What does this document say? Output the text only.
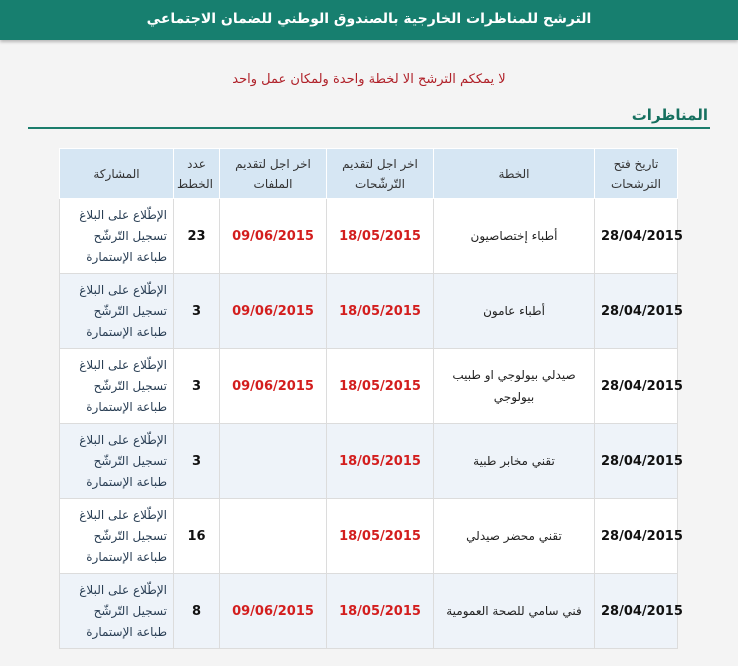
الترشح للمناظرات الخارجية بالصندوق الوطني للضمان الاجتماعي
لا يمككم الترشح الا لخطة واحدة ولمكان عمل واحد
المناظرات
تاريخ فتح الترشحات	الخطة	اخر اجل لتقديم التّرشّحات	اخر اجل لتقديم الملفات	عدد الخطط	المشاركة
28/04/2015	أطباء إختصاصيون	18/05/2015	09/06/2015	23	الإطّلاع على البلاغ
تسجيل التّرشّح
طباعة الإستمارة

28/04/2015	أطباء عامون	18/05/2015	09/06/2015	3	الإطّلاع على البلاغ
تسجيل التّرشّح
طباعة الإستمارة

28/04/2015	صيدلي بيولوجي او طبيب بيولوجي	18/05/2015	09/06/2015	3	الإطّلاع على البلاغ
تسجيل التّرشّح
طباعة الإستمارة

28/04/2015	تقني مخابر طبية	18/05/2015		3	الإطّلاع على البلاغ
تسجيل التّرشّح
طباعة الإستمارة

28/04/2015	تقني محضر صيدلي	18/05/2015		16	الإطّلاع على البلاغ
تسجيل التّرشّح
طباعة الإستمارة

28/04/2015	فني سامي للصحة العمومية	18/05/2015	09/06/2015	8	الإطّلاع على البلاغ
تسجيل التّرشّح
طباعة الإستمارة
